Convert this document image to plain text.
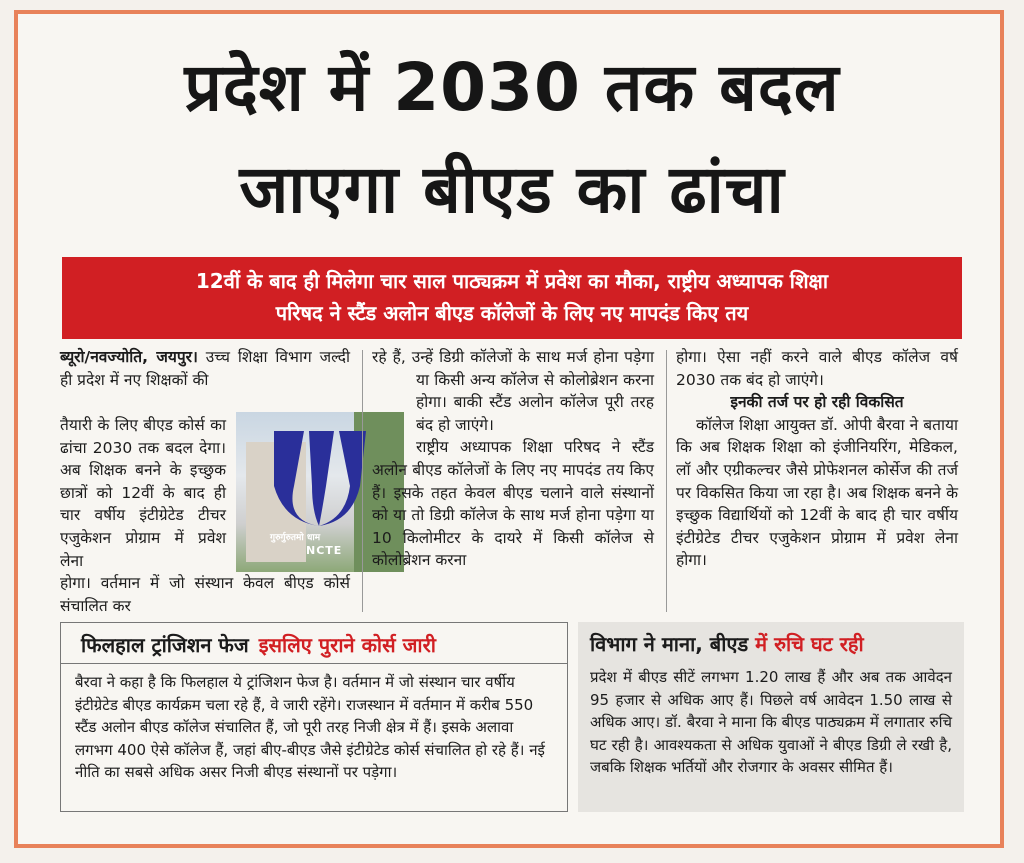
प्रदेश में 2030 तक बदल
जाएगा बीएड का ढांचा
12वीं के बाद ही मिलेगा चार साल पाठ्यक्रम में प्रवेश का मौका, राष्ट्रीय अध्यापक शिक्षा
परिषद ने स्टैंड अलोन बीएड कॉलेजों के लिए नए मापदंड किए तय

ब्यूरो/नवज्योति, जयपुर। उच्च शिक्षा विभाग जल्दी ही प्रदेश में नए शिक्षकों की

तैयारी के लिए बीएड कोर्स का ढांचा 2030 तक बदल देगा। अब शिक्षक बनने के इच्छुक छात्रों को 12वीं के बाद ही चार वर्षीय इंटीग्रेटेड टीचर एजुकेशन प्रोग्राम में प्रवेश लेना

होगा। वर्तमान में जो संस्थान केवल बीएड कोर्स संचालित कर

गुरुर्गुरुतमो धाम
NCTE

रहे हैं, उन्हें डिग्री कॉलेजों के साथ मर्ज होना पड़ेगा या किसी अन्य कॉलेज से कोलोब्रेशन करना होगा। बाकी स्टैंड अलोन कॉलेज पूरी तरह बंद हो जाएंगे।

राष्ट्रीय अध्यापक शिक्षा परिषद ने स्टैंड अलोन बीएड कॉलेजों के लिए नए मापदंड तय किए हैं। इसके तहत केवल बीएड चलाने वाले संस्थानों को या तो डिग्री कॉलेज के साथ मर्ज होना पड़ेगा या 10 किलोमीटर के दायरे में किसी कॉलेज से कोलोब्रेशन करना

होगा। ऐसा नहीं करने वाले बीएड कॉलेज वर्ष 2030 तक बंद हो जाएंगे।

इनकी तर्ज पर हो रही विकसित

कॉलेज शिक्षा आयुक्त डॉ. ओपी बैरवा ने बताया कि अब शिक्षक शिक्षा को इंजीनियरिंग, मेडिकल, लॉ और एग्रीकल्चर जैसे प्रोफेशनल कोर्सेज की तर्ज पर विकसित किया जा रहा है। अब शिक्षक बनने के इच्छुक विद्यार्थियों को 12वीं के बाद ही चार वर्षीय इंटीग्रेटेड टीचर एजुकेशन प्रोग्राम में प्रवेश लेना होगा।

फिलहाल ट्रांजिशन फेज इसलिए पुराने कोर्स जारी
बैरवा ने कहा है कि फिलहाल ये ट्रांजिशन फेज है। वर्तमान में जो संस्थान चार वर्षीय इंटीग्रेटेड बीएड कार्यक्रम चला रहे हैं, वे जारी रहेंगे। राजस्थान में वर्तमान में करीब 550 स्टैंड अलोन बीएड कॉलेज संचालित हैं, जो पूरी तरह निजी क्षेत्र में हैं। इसके अलावा लगभग 400 ऐसे कॉलेज हैं, जहां बीए-बीएड जैसे इंटीग्रेटेड कोर्स संचालित हो रहे हैं। नई नीति का सबसे अधिक असर निजी बीएड संस्थानों पर पड़ेगा।
विभाग ने माना, बीएड में रुचि घट रही
प्रदेश में बीएड सीटें लगभग 1.20 लाख हैं और अब तक आवेदन 95 हजार से अधिक आए हैं। पिछले वर्ष आवेदन 1.50 लाख से अधिक आए। डॉ. बैरवा ने माना कि बीएड पाठ्यक्रम में लगातार रुचि घट रही है। आवश्यकता से अधिक युवाओं ने बीएड डिग्री ले रखी है, जबकि शिक्षक भर्तियों और रोजगार के अवसर सीमित हैं।
